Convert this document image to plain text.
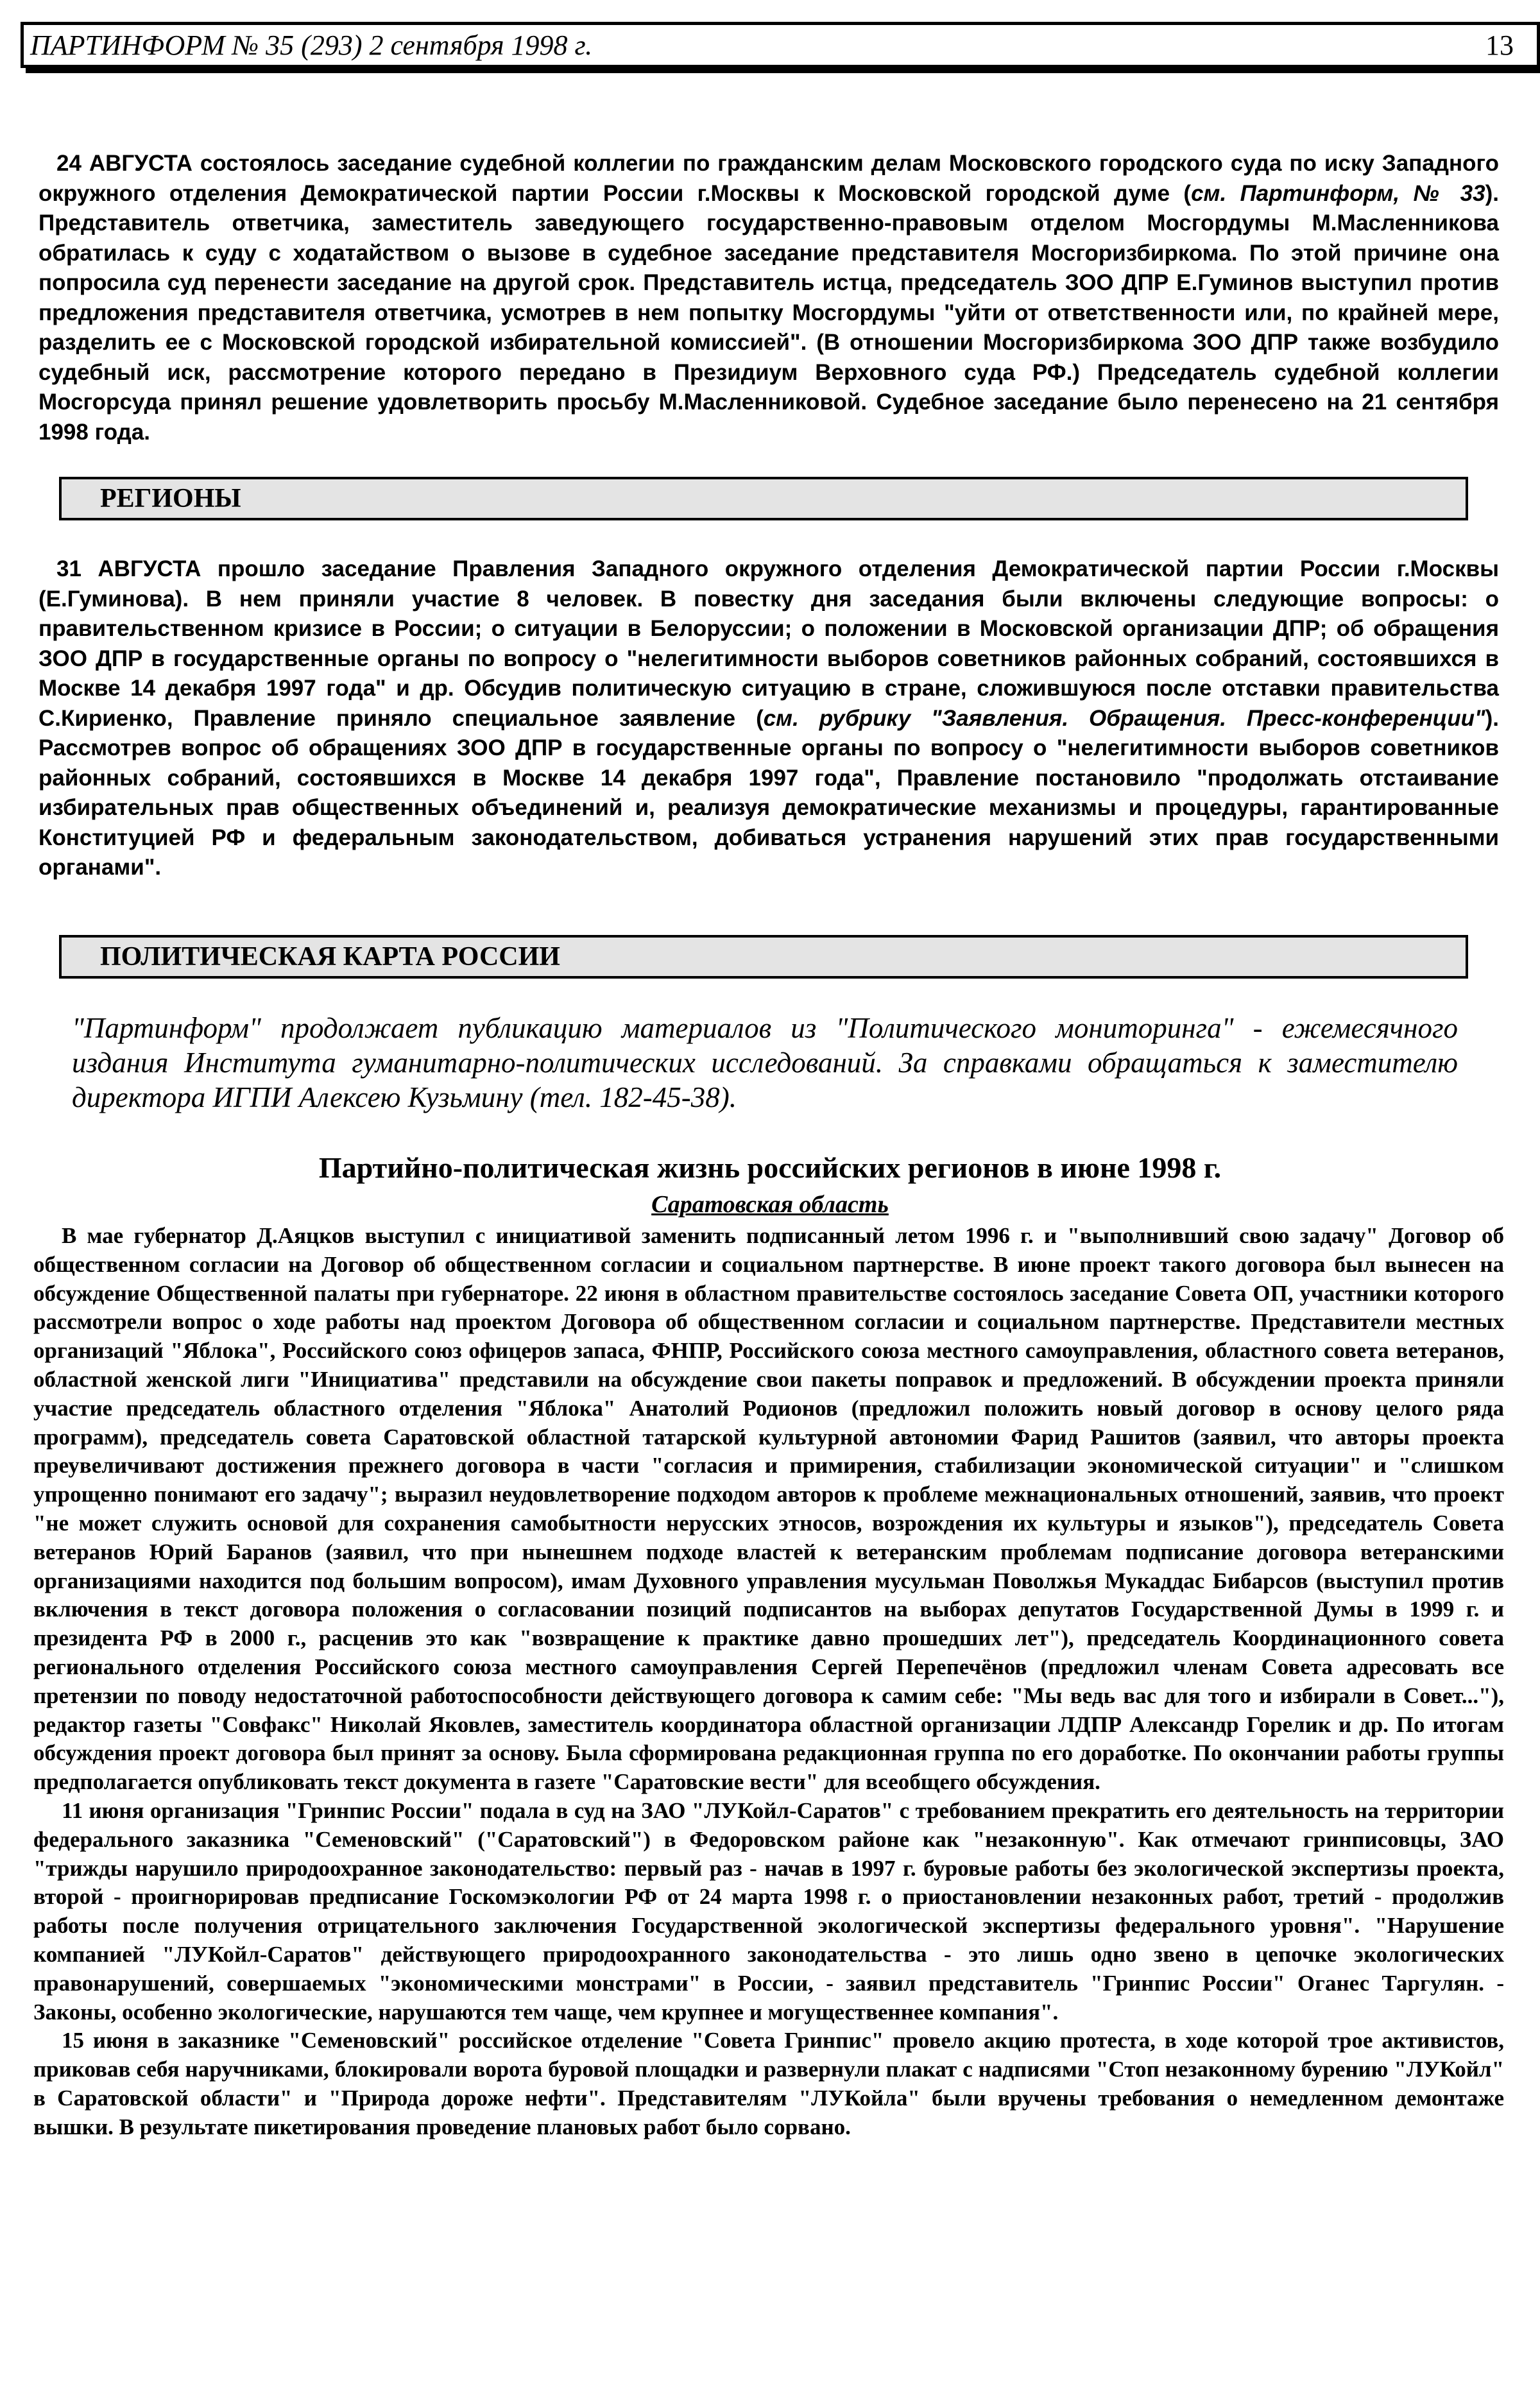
ПАРТИНФОРМ № 35 (293) 2 сентября 1998 г.	13

24 АВГУСТА состоялось заседание судебной коллегии по гражданским делам Московского городского суда по иску Западного окружного отделения Демократической партии России г.Москвы к Московской городской думе (см. Партинформ, № 33). Представитель ответчика, заместитель заведующего государственно-правовым отделом Мосгордумы М.Масленникова обратилась к суду с ходатайством о вызове в судебное заседание представителя Мосгоризбиркома. По этой причине она попросила суд перенести заседание на другой срок. Представитель истца, председатель ЗОО ДПР Е.Гуминов выступил против предложения представителя ответчика, усмотрев в нем попытку Мосгордумы "уйти от ответственности или, по крайней мере, разделить ее с Московской городской избирательной комиссией". (В отношении Мосгоризбиркома ЗОО ДПР также возбудило судебный иск, рассмотрение которого передано в Президиум Верховного суда РФ.) Председатель судебной коллегии Мосгорсуда принял решение удовлетворить просьбу М.Масленниковой. Судебное заседание было перенесено на 21 сентября 1998 года.

РЕГИОНЫ

31 АВГУСТА прошло заседание Правления Западного окружного отделения Демократической партии России г.Москвы (Е.Гуминова). В нем приняли участие 8 человек. В повестку дня заседания были включены следующие вопросы: о правительственном кризисе в России; о ситуации в Белоруссии; о положении в Московской организации ДПР; об обращения ЗОО ДПР в государственные органы по вопросу о "нелегитимности выборов советников районных собраний, состоявшихся в Москве 14 декабря 1997 года" и др. Обсудив политическую ситуацию в стране, сложившуюся после отставки правительства С.Кириенко, Правление приняло специальное заявление (см. рубрику "Заявления. Обращения. Пресс-конференции"). Рассмотрев вопрос об обращениях ЗОО ДПР в государственные органы по вопросу о "нелегитимности выборов советников районных собраний, состоявшихся в Москве 14 декабря 1997 года", Правление постановило "продолжать отстаивание избирательных прав общественных объединений и, реализуя демократические механизмы и процедуры, гарантированные Конституцией РФ и федеральным законодательством, добиваться устранения нарушений этих прав государственными органами".

ПОЛИТИЧЕСКАЯ КАРТА РОССИИ
"Партинформ" продолжает публикацию материалов из "Политического мониторинга" - ежемесячного издания Института гуманитарно-политических исследований. За справками обращаться к заместителю директора ИГПИ Алексею Кузьмину (тел. 182-45-38).
Партийно-политическая жизнь российских регионов в июне 1998 г.
Саратовская область

В мае губернатор Д.Аяцков выступил с инициативой заменить подписанный летом 1996 г. и "выполнивший свою задачу" Договор об общественном согласии на Договор об общественном согласии и социальном партнерстве. В июне проект такого договора был вынесен на обсуждение Общественной палаты при губернаторе. 22 июня в областном правительстве состоялось заседание Совета ОП, участники которого рассмотрели вопрос о ходе работы над проектом Договора об общественном согласии и социальном партнерстве. Представители местных организаций "Яблока", Российского союз офицеров запаса, ФНПР, Российского союза местного самоуправления, областного совета ветеранов, областной женской лиги "Инициатива" представили на обсуждение свои пакеты поправок и предложений. В обсуждении проекта приняли участие председатель областного отделения "Яблока" Анатолий Родионов (предложил положить новый договор в основу целого ряда программ), председатель совета Саратовской областной татарской культурной автономии Фарид Рашитов (заявил, что авторы проекта преувеличивают достижения прежнего договора в части "согласия и примирения, стабилизации экономической ситуации" и "слишком упрощенно понимают его задачу"; выразил неудовлетворение подходом авторов к проблеме межнациональных отношений, заявив, что проект "не может служить основой для сохранения самобытности нерусских этносов, возрождения их культуры и языков"), председатель Совета ветеранов Юрий Баранов (заявил, что при нынешнем подходе властей к ветеранским проблемам подписание договора ветеранскими организациями находится под большим вопросом), имам Духовного управления мусульман Поволжья Мукаддас Бибарсов (выступил против включения в текст договора положения о согласовании позиций подписантов на выборах депутатов Государственной Думы в 1999 г. и президента РФ в 2000 г., расценив это как "возвращение к практике давно прошедших лет"), председатель Координационного совета регионального отделения Российского союза местного самоуправления Сергей Перепечёнов (предложил членам Совета адресовать все претензии по поводу недостаточной работоспособности действующего договора к самим себе: "Мы ведь вас для того и избирали в Совет..."), редактор газеты "Совфакс" Николай Яковлев, заместитель координатора областной организации ЛДПР Александр Горелик и др. По итогам обсуждения проект договора был принят за основу. Была сформирована редакционная группа по его доработке. По окончании работы группы предполагается опубликовать текст документа в газете "Саратовские вести" для всеобщего обсуждения.

11 июня организация "Гринпис России" подала в суд на ЗАО "ЛУКойл-Саратов" с требованием прекратить его деятельность на территории федерального заказника "Семеновский" ("Саратовский") в Федоровском районе как "незаконную". Как отмечают гринписовцы, ЗАО "трижды нарушило природоохранное законодательство: первый раз - начав в 1997 г. буровые работы без экологической экспертизы проекта, второй - проигнорировав предписание Госкомэкологии РФ от 24 марта 1998 г. о приостановлении незаконных работ, третий - продолжив работы после получения отрицательного заключения Государственной экологической экспертизы федерального уровня". "Нарушение компанией "ЛУКойл-Саратов" действующего природоохранного законодательства - это лишь одно звено в цепочке экологических правонарушений, совершаемых "экономическими монстрами" в России, - заявил представитель "Гринпис России" Оганес Таргулян. - Законы, особенно экологические, нарушаются тем чаще, чем крупнее и могущественнее компания".

15 июня в заказнике "Семеновский" российское отделение "Совета Гринпис" провело акцию протеста, в ходе которой трое активистов, приковав себя наручниками, блокировали ворота буровой площадки и развернули плакат с надписями "Стоп незаконному бурению "ЛУКойл" в Саратовской области" и "Природа дороже нефти". Представителям "ЛУКойла" были вручены требования о немедленном демонтаже вышки. В результате пикетирования проведение плановых работ было сорвано.
